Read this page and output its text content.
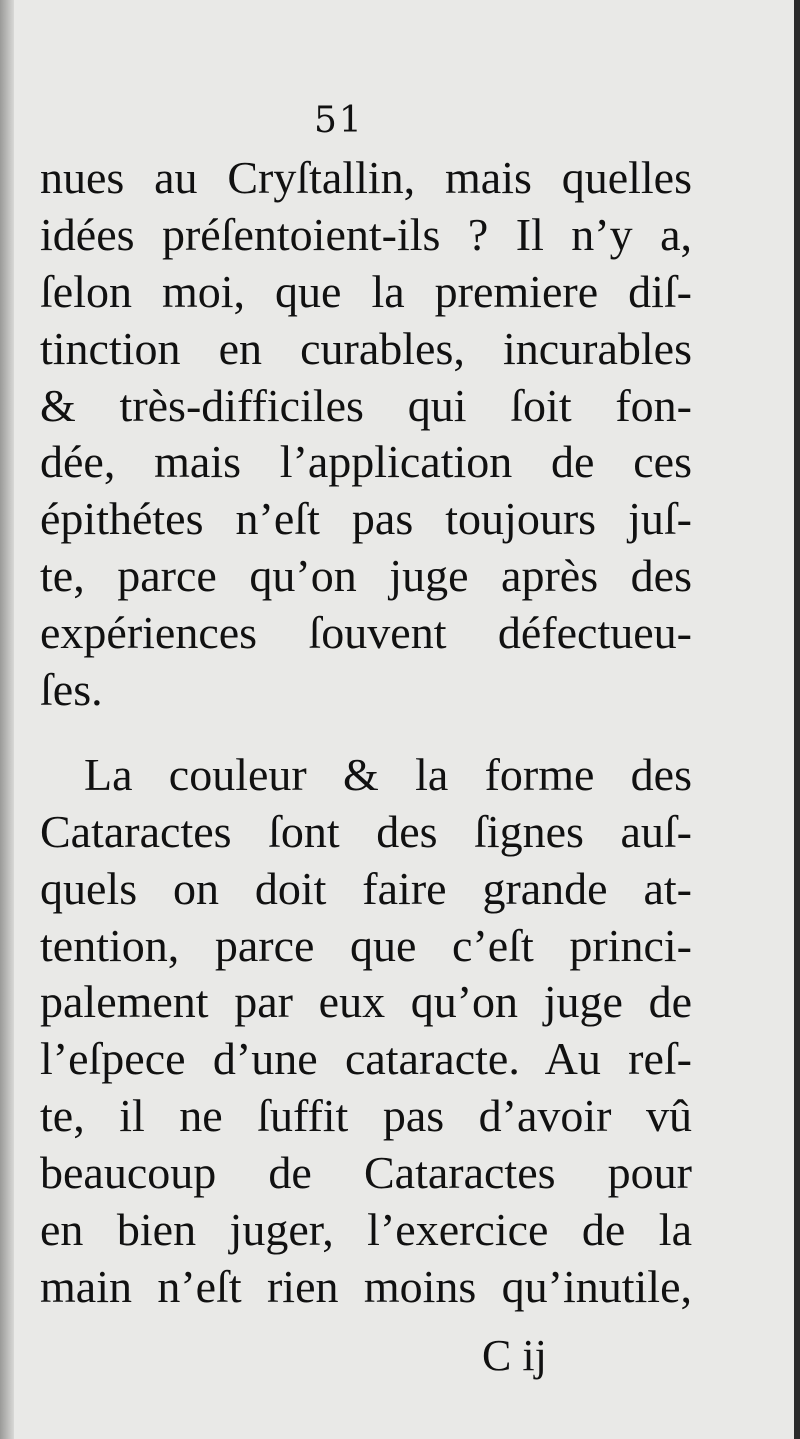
51
nues au Cryſtallin, mais quelles
idées préſentoient-ils ? Il n’y a,
ſelon moi, que la premiere diſ-
tinction en curables, incurables
& très-difficiles qui ſoit fon-
dée, mais l’application de ces
épithétes n’eſt pas toujours juſ-
te, parce qu’on juge après des
expériences ſouvent défectueu-
ſes.
La couleur & la forme des
Cataractes ſont des ſignes auſ-
quels on doit faire grande at-
tention, parce que c’eſt princi-
palement par eux qu’on juge de
l’eſpece d’une cataracte. Au reſ-
te, il ne ſuffit pas d’avoir vû
beaucoup de Cataractes pour
en bien juger, l’exercice de la
main n’eſt rien moins qu’inutile,
C ij
